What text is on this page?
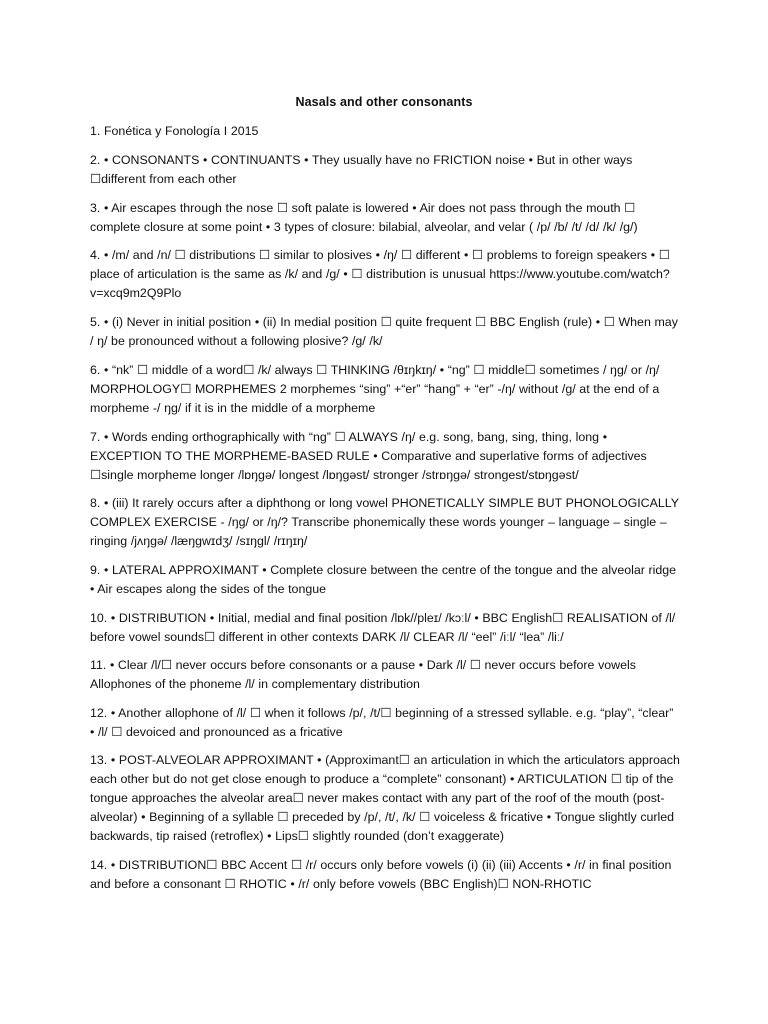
Nasals and other consonants
1. Fonética y Fonología I 2015
2. • CONSONANTS • CONTINUANTS • They usually have no FRICTION noise • But in other ways ☐different from each other
3. • Air escapes through the nose ☐ soft palate is lowered • Air does not pass through the mouth ☐ complete closure at some point • 3 types of closure: bilabial, alveolar, and velar ( /p/ /b/ /t/ /d/ /k/ /g/)
4. • /m/ and /n/ ☐ distributions ☐ similar to plosives • /ŋ/ ☐ different • ☐ problems to foreign speakers • ☐ place of articulation is the same as /k/ and /g/ • ☐ distribution is unusual https://www.youtube.com/watch?v=xcq9m2Q9Plo
5. • (i) Never in initial position • (ii) In medial position ☐ quite frequent ☐ BBC English (rule) • ☐ When may / ŋ/ be pronounced without a following plosive? /g/ /k/
6. • “nk” ☐ middle of a word☐ /k/ always ☐ THINKING /θɪŋkɪŋ/ • “ng” ☐ middle☐ sometimes / ŋg/ or /ŋ/ MORPHOLOGY☐ MORPHEMES 2 morphemes “sing” +“er” “hang” + “er” -/ŋ/ without /g/ at the end of a morpheme -/ ŋg/ if it is in the middle of a morpheme
7. • Words ending orthographically with “ng” ☐ ALWAYS /ŋ/ e.g. song, bang, sing, thing, long • EXCEPTION TO THE MORPHEME-BASED RULE • Comparative and superlative forms of adjectives ☐single morpheme longer /lɒŋgə/ longest /lɒŋgəst/ stronger /strɒŋgə/ strongest/stɒŋgəst/
8. • (iii) It rarely occurs after a diphthong or long vowel PHONETICALLY SIMPLE BUT PHONOLOGICALLY COMPLEX EXERCISE - /ŋg/ or /ŋ/? Transcribe phonemically these words younger – language – single – ringing /jʌŋgə/ /læŋgwɪdʒ/ /sɪŋgl/ /rɪŋɪŋ/
9. • LATERAL APPROXIMANT • Complete closure between the centre of the tongue and the alveolar ridge • Air escapes along the sides of the tongue
10. • DISTRIBUTION • Initial, medial and final position /lɒk//pleɪ/ /kɔːl/ • BBC English☐ REALISATION of /l/ before vowel sounds☐ different in other contexts DARK /l/ CLEAR /l/ “eel” /iːl/ “lea” /liː/
11. • Clear /l/☐ never occurs before consonants or a pause • Dark /l/ ☐ never occurs before vowels Allophones of the phoneme /l/ in complementary distribution
12. • Another allophone of /l/ ☐ when it follows /p/, /t/☐ beginning of a stressed syllable. e.g. “play”, “clear” • /l/ ☐ devoiced and pronounced as a fricative
13. • POST-ALVEOLAR APPROXIMANT • (Approximant☐ an articulation in which the articulators approach each other but do not get close enough to produce a “complete” consonant) • ARTICULATION ☐ tip of the tongue approaches the alveolar area☐ never makes contact with any part of the roof of the mouth (post-alveolar) • Beginning of a syllable ☐ preceded by /p/, /t/, /k/ ☐ voiceless & fricative • Tongue slightly curled backwards, tip raised (retroflex) • Lips☐ slightly rounded (don’t exaggerate)
14. • DISTRIBUTION☐ BBC Accent ☐ /r/ occurs only before vowels (i) (ii) (iii) Accents • /r/ in final position and before a consonant ☐ RHOTIC • /r/ only before vowels (BBC English)☐ NON-RHOTIC
